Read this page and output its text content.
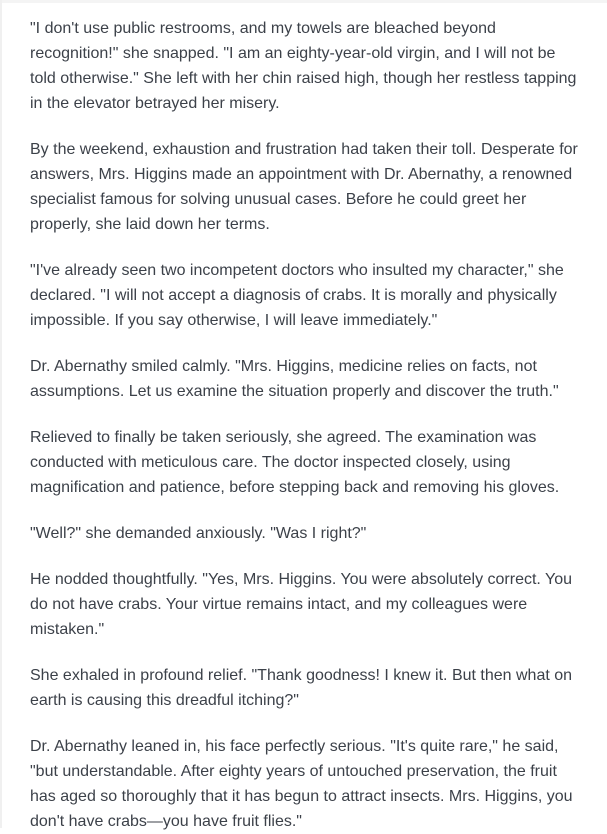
"I don't use public restrooms, and my towels are bleached beyond recognition!" she snapped. "I am an eighty-year-old virgin, and I will not be told otherwise." She left with her chin raised high, though her restless tapping in the elevator betrayed her misery.

By the weekend, exhaustion and frustration had taken their toll. Desperate for answers, Mrs. Higgins made an appointment with Dr. Abernathy, a renowned specialist famous for solving unusual cases. Before he could greet her properly, she laid down her terms.

"I've already seen two incompetent doctors who insulted my character," she declared. "I will not accept a diagnosis of crabs. It is morally and physically impossible. If you say otherwise, I will leave immediately."

Dr. Abernathy smiled calmly. "Mrs. Higgins, medicine relies on facts, not assumptions. Let us examine the situation properly and discover the truth."

Relieved to finally be taken seriously, she agreed. The examination was conducted with meticulous care. The doctor inspected closely, using magnification and patience, before stepping back and removing his gloves.

"Well?" she demanded anxiously. "Was I right?"

He nodded thoughtfully. "Yes, Mrs. Higgins. You were absolutely correct. You do not have crabs. Your virtue remains intact, and my colleagues were mistaken."

She exhaled in profound relief. "Thank goodness! I knew it. But then what on earth is causing this dreadful itching?"

Dr. Abernathy leaned in, his face perfectly serious. "It's quite rare," he said, "but understandable. After eighty years of untouched preservation, the fruit has aged so thoroughly that it has begun to attract insects. Mrs. Higgins, you don't have crabs—you have fruit flies."
